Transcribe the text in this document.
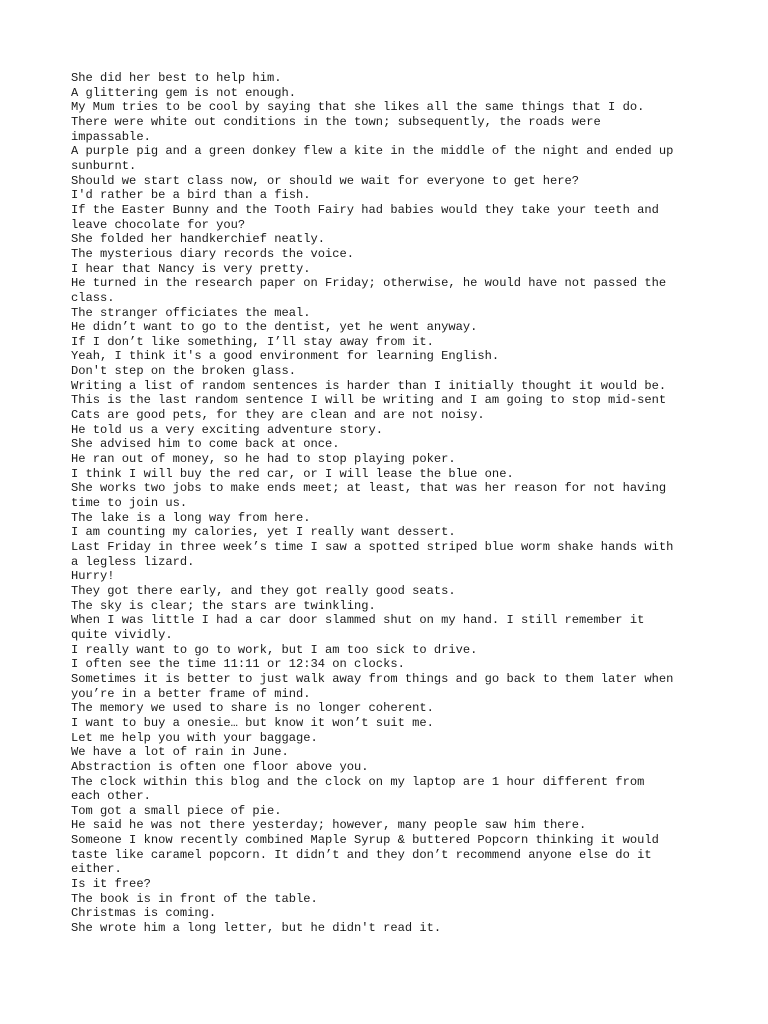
She did her best to help him.
A glittering gem is not enough.
My Mum tries to be cool by saying that she likes all the same things that I do.
There were white out conditions in the town; subsequently, the roads were
impassable.
A purple pig and a green donkey flew a kite in the middle of the night and ended up
sunburnt.
Should we start class now, or should we wait for everyone to get here?
I'd rather be a bird than a fish.
If the Easter Bunny and the Tooth Fairy had babies would they take your teeth and
leave chocolate for you?
She folded her handkerchief neatly.
The mysterious diary records the voice.
I hear that Nancy is very pretty.
He turned in the research paper on Friday; otherwise, he would have not passed the
class.
The stranger officiates the meal.
He didn’t want to go to the dentist, yet he went anyway.
If I don’t like something, I’ll stay away from it.
Yeah, I think it's a good environment for learning English.
Don't step on the broken glass.
Writing a list of random sentences is harder than I initially thought it would be.
This is the last random sentence I will be writing and I am going to stop mid-sent
Cats are good pets, for they are clean and are not noisy.
He told us a very exciting adventure story.
She advised him to come back at once.
He ran out of money, so he had to stop playing poker.
I think I will buy the red car, or I will lease the blue one.
She works two jobs to make ends meet; at least, that was her reason for not having
time to join us.
The lake is a long way from here.
I am counting my calories, yet I really want dessert.
Last Friday in three week’s time I saw a spotted striped blue worm shake hands with
a legless lizard.
Hurry!
They got there early, and they got really good seats.
The sky is clear; the stars are twinkling.
When I was little I had a car door slammed shut on my hand. I still remember it
quite vividly.
I really want to go to work, but I am too sick to drive.
I often see the time 11:11 or 12:34 on clocks.
Sometimes it is better to just walk away from things and go back to them later when
you’re in a better frame of mind.
The memory we used to share is no longer coherent.
I want to buy a onesie… but know it won’t suit me.
Let me help you with your baggage.
We have a lot of rain in June.
Abstraction is often one floor above you.
The clock within this blog and the clock on my laptop are 1 hour different from
each other.
Tom got a small piece of pie.
He said he was not there yesterday; however, many people saw him there.
Someone I know recently combined Maple Syrup & buttered Popcorn thinking it would
taste like caramel popcorn. It didn’t and they don’t recommend anyone else do it
either.
Is it free?
The book is in front of the table.
Christmas is coming.
She wrote him a long letter, but he didn't read it.
